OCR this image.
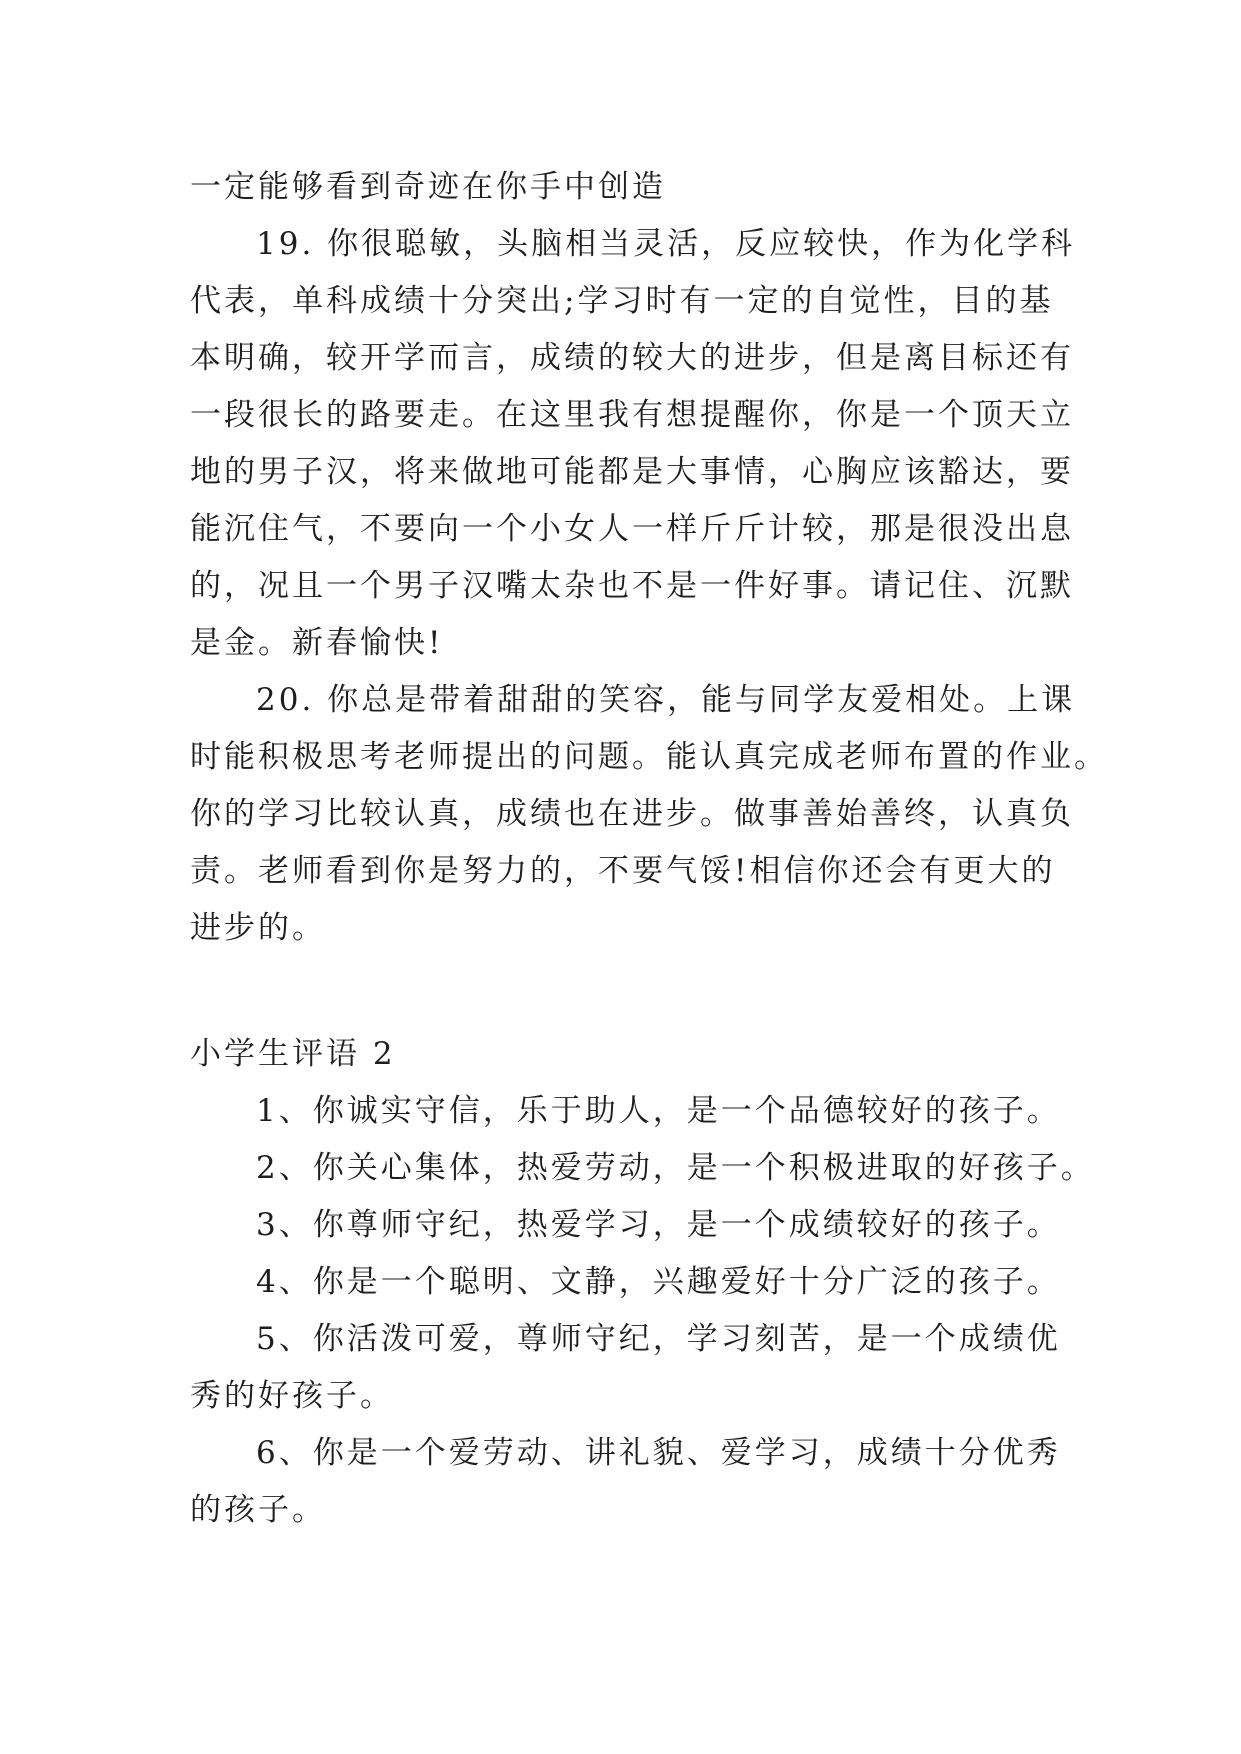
一定能够看到奇迹在你手中创造
19. 你很聪敏，头脑相当灵活，反应较快，作为化学科
代表，单科成绩十分突出;学习时有一定的自觉性，目的基
本明确，较开学而言，成绩的较大的进步，但是离目标还有
一段很长的路要走。在这里我有想提醒你，你是一个顶天立
地的男子汉，将来做地可能都是大事情，心胸应该豁达，要
能沉住气，不要向一个小女人一样斤斤计较，那是很没出息
的，况且一个男子汉嘴太杂也不是一件好事。请记住、沉默
是金。新春愉快!
20. 你总是带着甜甜的笑容，能与同学友爱相处。上课
时能积极思考老师提出的问题。能认真完成老师布置的作业。
你的学习比较认真，成绩也在进步。做事善始善终，认真负
责。老师看到你是努力的，不要气馁!相信你还会有更大的
进步的。
小学生评语 2
1、你诚实守信，乐于助人，是一个品德较好的孩子。
2、你关心集体，热爱劳动，是一个积极进取的好孩子。
3、你尊师守纪，热爱学习，是一个成绩较好的孩子。
4、你是一个聪明、文静，兴趣爱好十分广泛的孩子。
5、你活泼可爱，尊师守纪，学习刻苦，是一个成绩优
秀的好孩子。
6、你是一个爱劳动、讲礼貌、爱学习，成绩十分优秀
的孩子。
